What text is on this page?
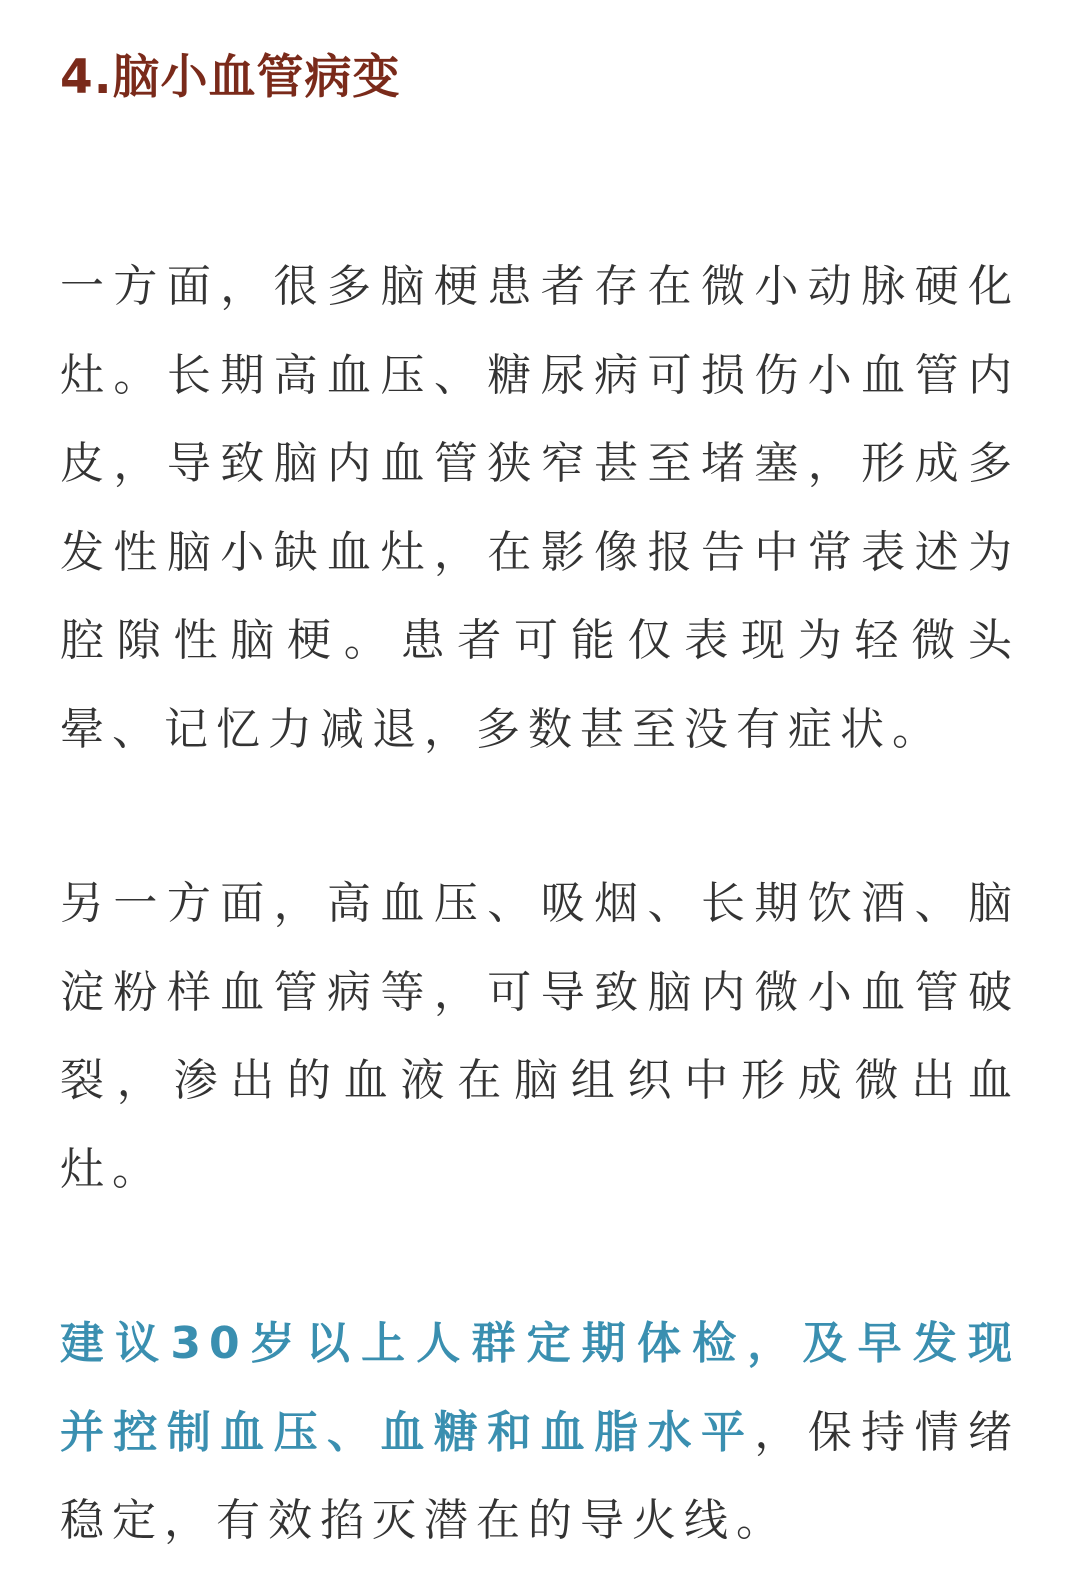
4.脑小血管病变

一方面，很多脑梗患者存在微小动脉硬化灶。长期高血压、糖尿病可损伤小血管内皮，导致脑内血管狭窄甚至堵塞，形成多发性脑小缺血灶，在影像报告中常表述为腔隙性脑梗。患者可能仅表现为轻微头晕、记忆力减退，多数甚至没有症状。

另一方面，高血压、吸烟、长期饮酒、脑淀粉样血管病等，可导致脑内微小血管破裂，渗出的血液在脑组织中形成微出血灶。

建议30岁以上人群定期体检，及早发现并控制血压、血糖和血脂水平，保持情绪稳定，有效掐灭潜在的导火线。
